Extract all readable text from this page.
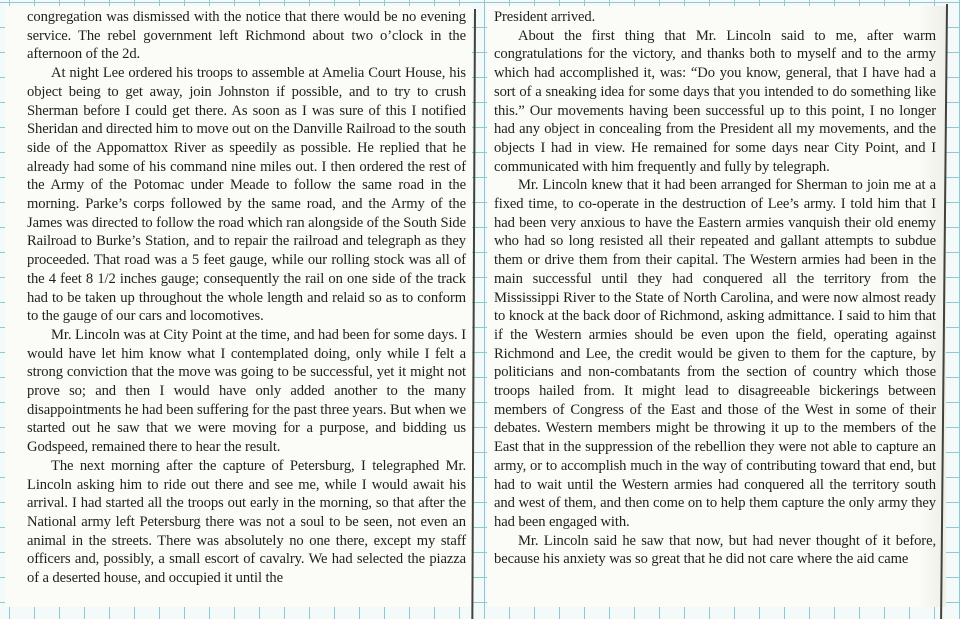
congregation was dismissed with the notice that there would be no evening service. The rebel government left Richmond about two o’clock in the afternoon of the 2d.

At night Lee ordered his troops to assemble at Amelia Court House, his object being to get away, join Johnston if possible, and to try to crush Sherman before I could get there. As soon as I was sure of this I notified Sheridan and directed him to move out on the Danville Railroad to the south side of the Appomattox River as speedily as possible. He replied that he already had some of his command nine miles out. I then ordered the rest of the Army of the Potomac under Meade to follow the same road in the morning. Parke’s corps followed by the same road, and the Army of the James was directed to follow the road which ran alongside of the South Side Railroad to Burke’s Station, and to repair the railroad and telegraph as they proceeded. That road was a 5 feet gauge, while our rolling stock was all of the 4 feet 8 1/2 inches gauge; consequently the rail on one side of the track had to be taken up throughout the whole length and relaid so as to conform to the gauge of our cars and locomotives.

Mr. Lincoln was at City Point at the time, and had been for some days. I would have let him know what I contemplated doing, only while I felt a strong conviction that the move was going to be successful, yet it might not prove so; and then I would have only added another to the many disappointments he had been suffering for the past three years. But when we started out he saw that we were moving for a purpose, and bidding us Godspeed, remained there to hear the result.

The next morning after the capture of Petersburg, I telegraphed Mr. Lincoln asking him to ride out there and see me, while I would await his arrival. I had started all the troops out early in the morning, so that after the National army left Petersburg there was not a soul to be seen, not even an animal in the streets. There was absolutely no one there, except my staff officers and, possibly, a small escort of cavalry. We had selected the piazza of a deserted house, and occupied it until the

President arrived.

About the first thing that Mr. Lincoln said to me, after warm congratulations for the victory, and thanks both to myself and to the army which had accomplished it, was: “Do you know, general, that I have had a sort of a sneaking idea for some days that you intended to do something like this.” Our movements having been successful up to this point, I no longer had any object in concealing from the President all my movements, and the objects I had in view. He remained for some days near City Point, and I communicated with him frequently and fully by telegraph.

Mr. Lincoln knew that it had been arranged for Sherman to join me at a fixed time, to co-operate in the destruction of Lee’s army. I told him that I had been very anxious to have the Eastern armies vanquish their old enemy who had so long resisted all their repeated and gallant attempts to subdue them or drive them from their capital. The Western armies had been in the main successful until they had conquered all the territory from the Mississippi River to the State of North Carolina, and were now almost ready to knock at the back door of Richmond, asking admittance. I said to him that if the Western armies should be even upon the field, operating against Richmond and Lee, the credit would be given to them for the capture, by politicians and non-combatants from the section of country which those troops hailed from. It might lead to disagreeable bickerings between members of Congress of the East and those of the West in some of their debates. Western members might be throwing it up to the members of the East that in the suppression of the rebellion they were not able to capture an army, or to accomplish much in the way of contributing toward that end, but had to wait until the Western armies had conquered all the territory south and west of them, and then come on to help them capture the only army they had been engaged with.

Mr. Lincoln said he saw that now, but had never thought of it before, because his anxiety was so great that he did not care where the aid came
